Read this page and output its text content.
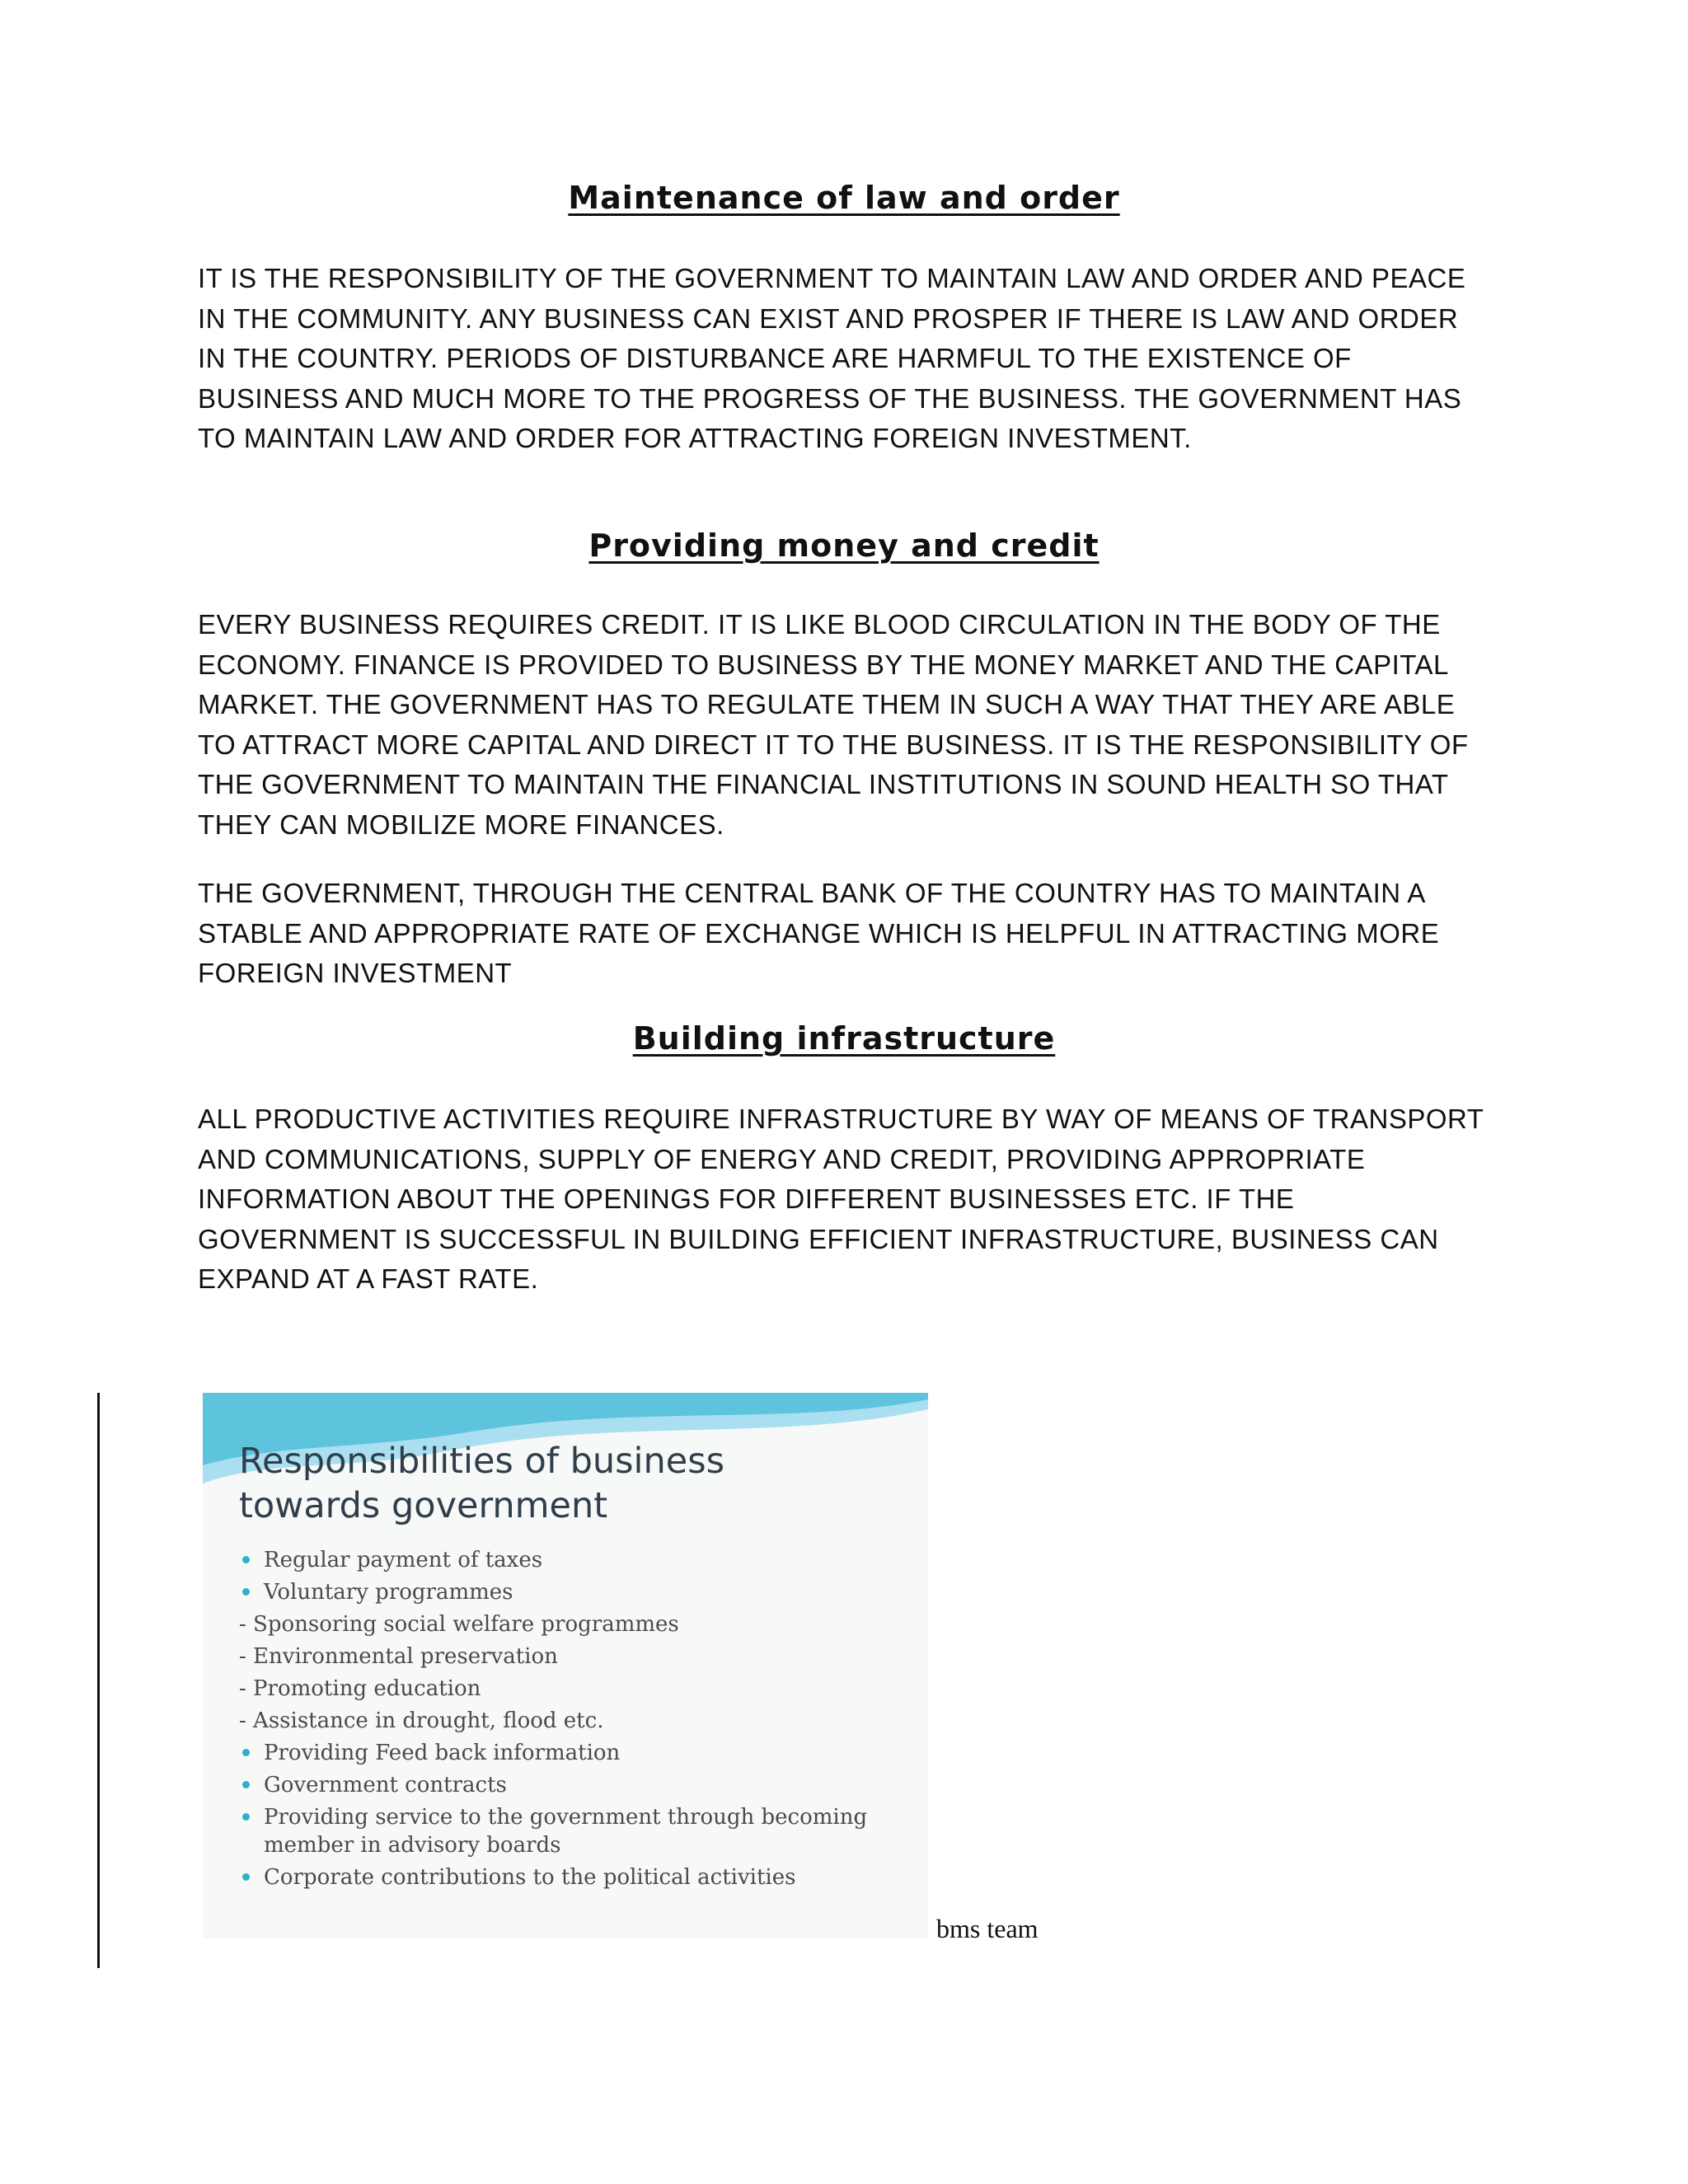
Maintenance of law and order

IT IS THE RESPONSIBILITY OF THE GOVERNMENT TO MAINTAIN LAW AND ORDER AND PEACE IN THE COMMUNITY. ANY BUSINESS CAN EXIST AND PROSPER IF THERE IS LAW AND ORDER IN THE COUNTRY. PERIODS OF DISTURBANCE ARE HARMFUL TO THE EXISTENCE OF BUSINESS AND MUCH MORE TO THE PROGRESS OF THE BUSINESS. THE GOVERNMENT HAS TO MAINTAIN LAW AND ORDER FOR ATTRACTING FOREIGN INVESTMENT.

Providing money and credit

EVERY BUSINESS REQUIRES CREDIT. IT IS LIKE BLOOD CIRCULATION IN THE BODY OF THE ECONOMY. FINANCE IS PROVIDED TO BUSINESS BY THE MONEY MARKET AND THE CAPITAL MARKET. THE GOVERNMENT HAS TO REGULATE THEM IN SUCH A WAY THAT THEY ARE ABLE TO ATTRACT MORE CAPITAL AND DIRECT IT TO THE BUSINESS. IT IS THE RESPONSIBILITY OF THE GOVERNMENT TO MAINTAIN THE FINANCIAL INSTITUTIONS IN SOUND HEALTH SO THAT THEY CAN MOBILIZE MORE FINANCES.

THE GOVERNMENT, THROUGH THE CENTRAL BANK OF THE COUNTRY HAS TO MAINTAIN A STABLE AND APPROPRIATE RATE OF EXCHANGE WHICH IS HELPFUL IN ATTRACTING MORE FOREIGN INVESTMENT

Building infrastructure

ALL PRODUCTIVE ACTIVITIES REQUIRE INFRASTRUCTURE BY WAY OF MEANS OF TRANSPORT AND COMMUNICATIONS, SUPPLY OF ENERGY AND CREDIT, PROVIDING APPROPRIATE INFORMATION ABOUT THE OPENINGS FOR DIFFERENT BUSINESSES ETC. IF THE GOVERNMENT IS SUCCESSFUL IN BUILDING EFFICIENT INFRASTRUCTURE, BUSINESS CAN EXPAND AT A FAST RATE.

Responsibilities of business
towards government
Regular payment of taxes
Voluntary programmes
- Sponsoring social welfare programmes
- Environmental preservation
- Promoting education
- Assistance in drought, flood etc.
Providing Feed back information
Government contracts
Providing service to the government through becoming member in advisory boards
Corporate contributions to the political activities
bms team
